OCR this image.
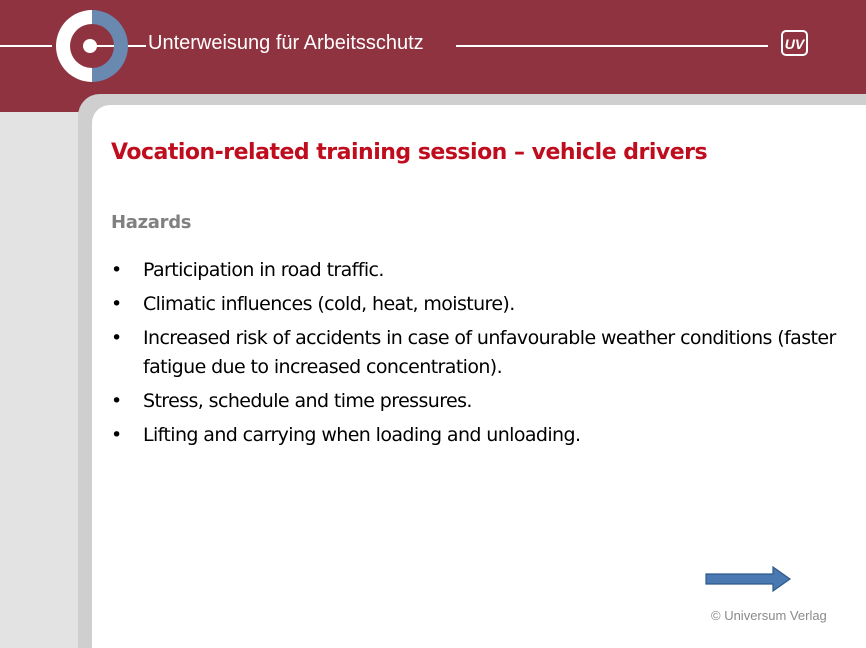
Unterweisung für Arbeitsschutz	UV
Vocation-related training session – vehicle drivers
Hazards
• Participation in road traffic.
• Climatic influences (cold, heat, moisture).
• Increased risk of accidents in case of unfavourable weather conditions (faster fatigue due to increased concentration).
• Stress, schedule and time pressures.
• Lifting and carrying when loading and unloading.
© Universum Verlag
